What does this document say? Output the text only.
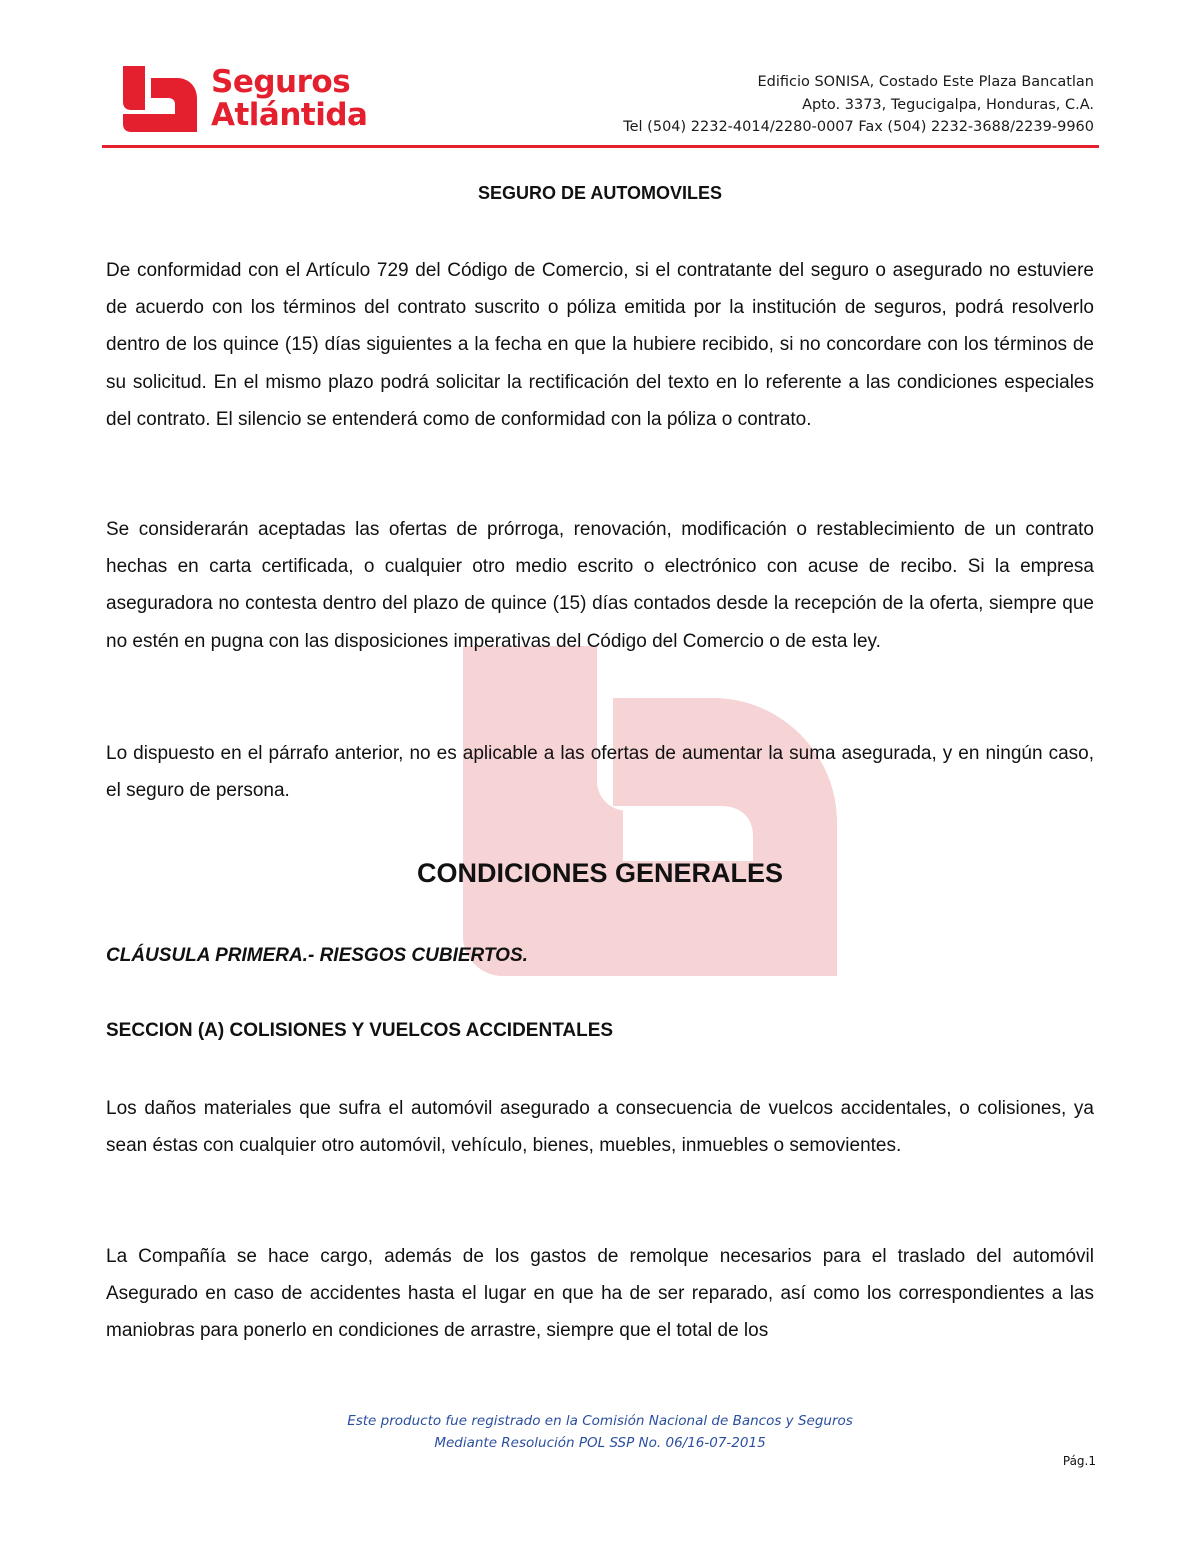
Seguros
Atlántida
Edificio SONISA, Costado Este Plaza Bancatlan
Apto. 3373, Tegucigalpa, Honduras, C.A.
Tel (504) 2232-4014/2280-0007 Fax (504) 2232-3688/2239-9960
SEGURO DE AUTOMOVILES

De conformidad con el Artículo 729 del Código de Comercio, si el contratante del seguro o asegurado no estuviere de acuerdo con los términos del contrato suscrito o póliza emitida por la institución de seguros, podrá resolverlo dentro de los quince (15) días siguientes a la fecha en que la hubiere recibido, si no concordare con los términos de su solicitud. En el mismo plazo podrá solicitar la rectificación del texto en lo referente a las condiciones especiales del contrato. El silencio se entenderá como de conformidad con la póliza o contrato.

Se considerarán aceptadas las ofertas de prórroga, renovación, modificación o restablecimiento de un contrato hechas en carta certificada, o cualquier otro medio escrito o electrónico con acuse de recibo. Si la empresa aseguradora no contesta dentro del plazo de quince (15) días contados desde la recepción de la oferta, siempre que no estén en pugna con las disposiciones imperativas del Código del Comercio o de esta ley.

Lo dispuesto en el párrafo anterior, no es aplicable a las ofertas de aumentar la suma asegurada, y en ningún caso, el seguro de persona.

CONDICIONES GENERALES
CLÁUSULA PRIMERA.- RIESGOS CUBIERTOS.
SECCION (A) COLISIONES Y VUELCOS ACCIDENTALES

Los daños materiales que sufra el automóvil asegurado a consecuencia de vuelcos accidentales, o colisiones, ya sean éstas con cualquier otro automóvil, vehículo, bienes, muebles, inmuebles o semovientes.

La Compañía se hace cargo, además de los gastos de remolque necesarios para el traslado del automóvil Asegurado en caso de accidentes hasta el lugar en que ha de ser reparado, así como los correspondientes a las maniobras para ponerlo en condiciones de arrastre, siempre que el total de los

Este producto fue registrado en la Comisión Nacional de Bancos y Seguros
Mediante Resolución POL SSP No. 06/16-07-2015
Pág.1
